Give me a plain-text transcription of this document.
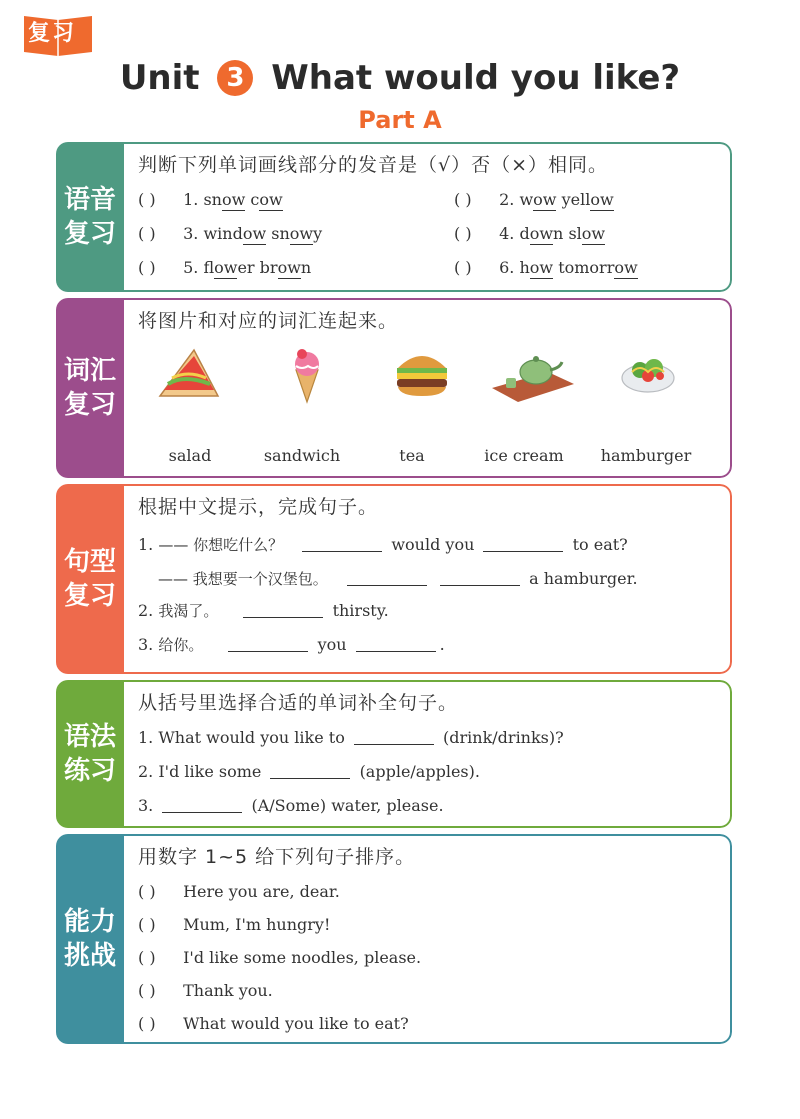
复习
Unit 3 What would you like?
Part A
语音
复习
判断下列单词画线部分的发音是（√）否（×）相同。
( ) 1. snow cow	( ) 2. wow yellow
( ) 3. window snowy	( ) 4. down slow
( ) 5. flower brown	( ) 6. how tomorrow
词汇
复习
将图片和对应的词汇连起来。
salad	sandwich	tea	ice cream	hamburger
句型
复习
根据中文提示，完成句子。
1. —— 你想吃什么？	would you	to eat?
—— 我想要一个汉堡包。	a hamburger.
2. 我渴了。	thirsty.
3. 给你。	you	.
语法
练习
从括号里选择合适的单词补全句子。
1. What would you like to	(drink/drinks)?
2. I'd like some	(apple/apples).
3.	(A/Some) water, please.
能力
挑战
用数字 1~5 给下列句子排序。
( ) Here you are, dear.
( ) Mum, I'm hungry!
( ) I'd like some noodles, please.
( ) Thank you.
( ) What would you like to eat?
